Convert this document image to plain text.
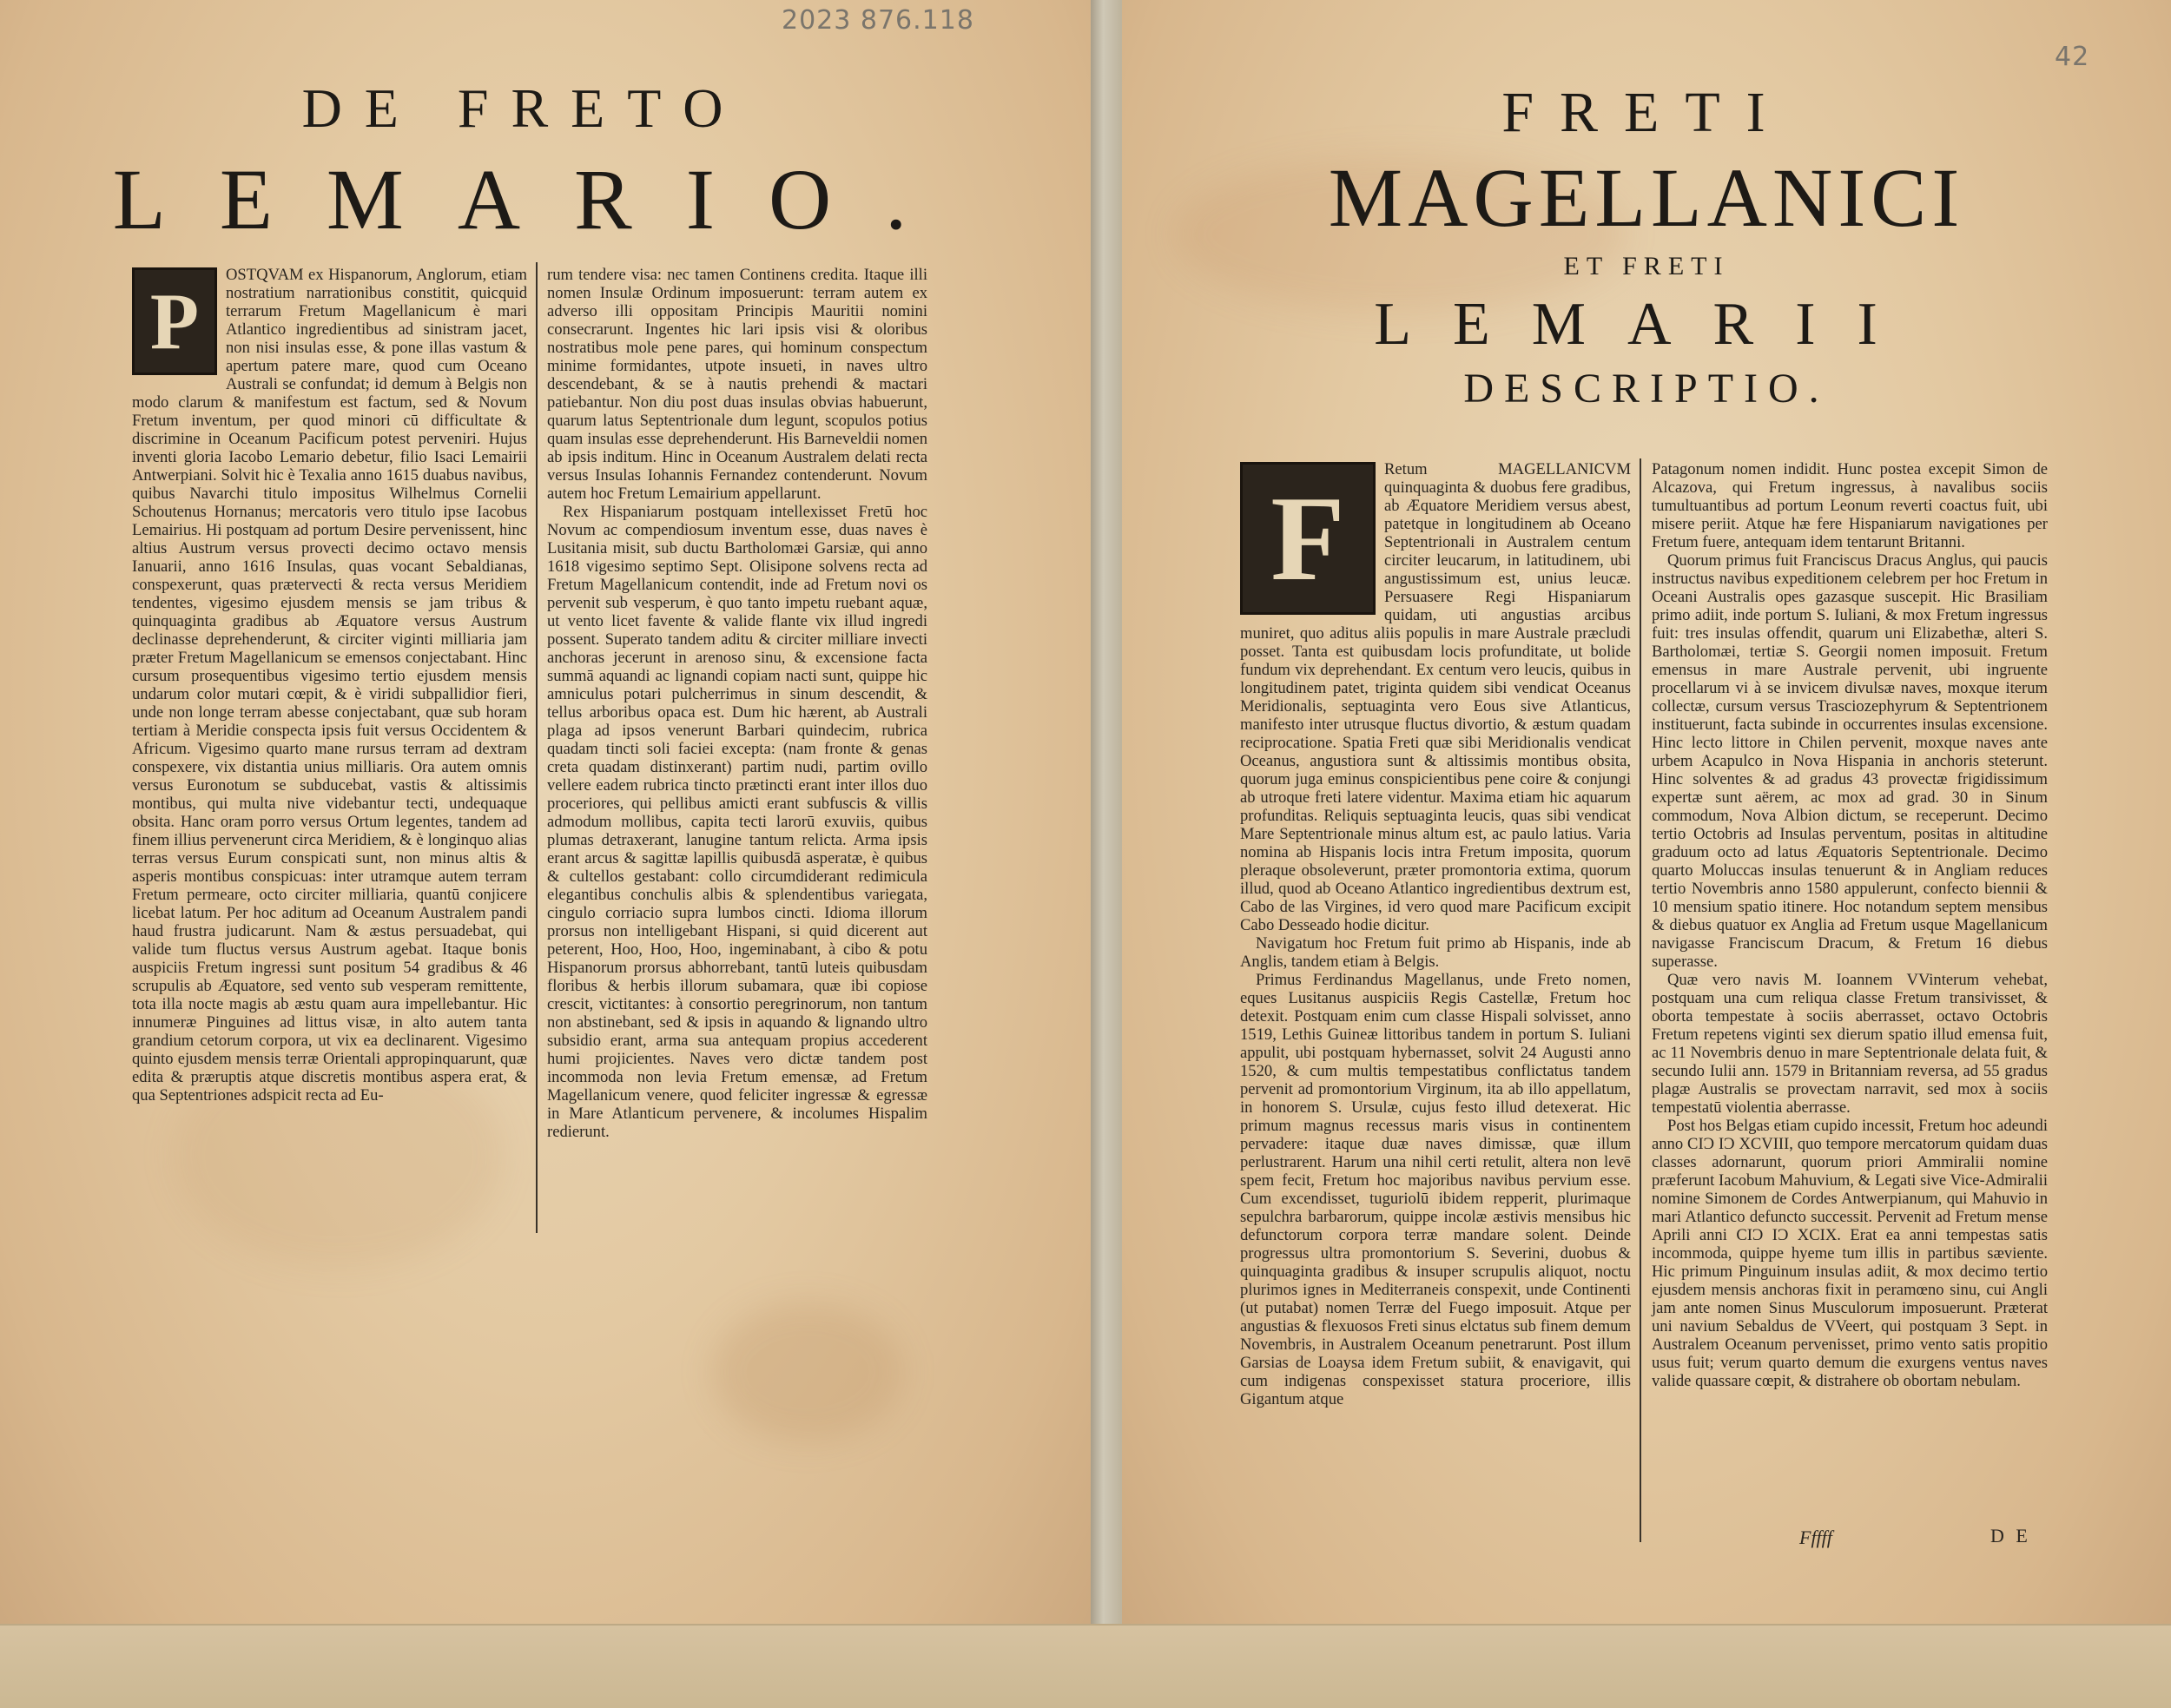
2023 876.118
DE FRETO
LEMARIO.
P

OSTQVAM ex Hispanorum, Anglorum, etiam nostratium narrationibus constitit, quicquid terrarum Fretum Magellanicum è mari Atlantico ingredientibus ad sinistram jacet, non nisi insulas esse, & pone illas vastum & apertum patere mare, quod cum Oceano Australi se confundat; id demum à Belgis non modo clarum & manifestum est factum, sed & Novum Fretum inventum, per quod minori cū difficultate & discrimine in Oceanum Pacificum potest perveniri. Hujus inventi gloria Iacobo Lemario debetur, filio Isaci Lemairii Antwerpiani. Solvit hic è Texalia anno 1615 duabus navibus, quibus Navarchi titulo impositus Wilhelmus Cornelii Schoutenus Hornanus; mercatoris vero titulo ipse Iacobus Lemairius. Hi postquam ad portum Desire pervenissent, hinc altius Austrum versus provecti decimo octavo mensis Ianuarii, anno 1616 Insulas, quas vocant Sebaldianas, conspexerunt, quas prætervecti & recta versus Meridiem tendentes, vigesimo ejusdem mensis se jam tribus & quinquaginta gradibus ab Æquatore versus Austrum declinasse deprehenderunt, & circiter viginti milliaria jam præter Fretum Magellanicum se emensos conjectabant. Hinc cursum prosequentibus vigesimo tertio ejusdem mensis undarum color mutari cœpit, & è viridi subpallidior fieri, unde non longe terram abesse conjectabant, quæ sub horam tertiam à Meridie conspecta ipsis fuit versus Occidentem & Africum. Vigesimo quarto mane rursus terram ad dextram conspexere, vix distantia unius milliaris. Ora autem omnis versus Euronotum se subducebat, vastis & altissimis montibus, qui multa nive videbantur tecti, undequaque obsita. Hanc oram porro versus Ortum legentes, tandem ad finem illius pervenerunt circa Meridiem, & è longinquo alias terras versus Eurum conspicati sunt, non minus altis & asperis montibus conspicuas: inter utramque autem terram Fretum permeare, octo circiter milliaria, quantū conjicere licebat latum. Per hoc aditum ad Oceanum Australem pandi haud frustra judicarunt. Nam & æstus persuadebat, qui valide tum fluctus versus Austrum agebat. Itaque bonis auspiciis Fretum ingressi sunt positum 54 gradibus & 46 scrupulis ab Æquatore, sed vento sub vesperam remittente, tota illa nocte magis ab æstu quam aura impellebantur. Hic innumeræ Pinguines ad littus visæ, in alto autem tanta grandium cetorum corpora, ut vix ea declinarent. Vigesimo quinto ejusdem mensis terræ Orientali appropinquarunt, quæ edita & præruptis atque discretis montibus aspera erat, & qua Septentriones adspicit recta ad Eu-

rum tendere visa: nec tamen Continens credita. Itaque illi nomen Insulæ Ordinum imposuerunt: terram autem ex adverso illi oppositam Principis Mauritii nomini consecrarunt. Ingentes hic lari ipsis visi & oloribus nostratibus mole pene pares, qui hominum conspectum minime formidantes, utpote insueti, in naves ultro descendebant, & se à nautis prehendi & mactari patiebantur. Non diu post duas insulas obvias habuerunt, quarum latus Septentrionale dum legunt, scopulos potius quam insulas esse deprehenderunt. His Barneveldii nomen ab ipsis inditum. Hinc in Oceanum Australem delati recta versus Insulas Iohannis Fernandez contenderunt. Novum autem hoc Fretum Lemairium appellarunt.

Rex Hispaniarum postquam intellexisset Fretū hoc Novum ac compendiosum inventum esse, duas naves è Lusitania misit, sub ductu Bartholomæi Garsiæ, qui anno 1618 vigesimo septimo Sept. Olisipone solvens recta ad Fretum Magellanicum contendit, inde ad Fretum novi os pervenit sub vesperum, è quo tanto impetu ruebant aquæ, ut vento licet favente & valide flante vix illud ingredi possent. Superato tandem aditu & circiter milliare invecti anchoras jecerunt in arenoso sinu, & excensione facta summā aquandi ac lignandi copiam nacti sunt, quippe hic amniculus potari pulcherrimus in sinum descendit, & tellus arboribus opaca est. Dum hic hærent, ab Australi plaga ad ipsos venerunt Barbari quindecim, rubrica quadam tincti soli faciei excepta: (nam fronte & genas creta quadam distinxerant) partim nudi, partim ovillo vellere eadem rubrica tincto prætincti erant inter illos duo proceriores, qui pellibus amicti erant subfuscis & villis admodum mollibus, capita tecti larorū exuviis, quibus plumas detraxerant, lanugine tantum relicta. Arma ipsis erant arcus & sagittæ lapillis quibusdā asperatæ, è quibus & cultellos gestabant: collo circumdiderant redimicula elegantibus conchulis albis & splendentibus variegata, cingulo corriacio supra lumbos cincti. Idioma illorum prorsus non intelligebant Hispani, si quid dicerent aut peterent, Hoo, Hoo, Hoo, ingeminabant, à cibo & potu Hispanorum prorsus abhorrebant, tantū luteis quibusdam floribus & herbis illorum subamara, quæ ibi copiose crescit, victitantes: à consortio peregrinorum, non tantum non abstinebant, sed & ipsis in aquando & lignando ultro subsidio erant, arma sua antequam propius accederent humi projicientes. Naves vero dictæ tandem post incommoda non levia Fretum emensæ, ad Fretum Magellanicum venere, quod feliciter ingressæ & egressæ in Mare Atlanticum pervenere, & incolumes Hispalim redierunt.

42
FRETI
MAGELLANICI
ET FRETI
LEMARII
DESCRIPTIO.
F

Retum MAGELLANICVM quinquaginta & duobus fere gradibus, ab Æquatore Meridiem versus abest, patetque in longitudinem ab Oceano Septentrionali in Australem centum circiter leucarum, in latitudinem, ubi angustissimum est, unius leucæ. Persuasere Regi Hispaniarum quidam, uti angustias arcibus muniret, quo aditus aliis populis in mare Australe præcludi posset. Tanta est quibusdam locis profunditate, ut bolide fundum vix deprehendant. Ex centum vero leucis, quibus in longitudinem patet, triginta quidem sibi vendicat Oceanus Meridionalis, septuaginta vero Eous sive Atlanticus, manifesto inter utrusque fluctus divortio, & æstum quadam reciprocatione. Spatia Freti quæ sibi Meridionalis vendicat Oceanus, angustiora sunt & altissimis montibus obsita, quorum juga eminus conspicientibus pene coire & conjungi ab utroque freti latere videntur. Maxima etiam hic aquarum profunditas. Reliquis septuaginta leucis, quas sibi vendicat Mare Septentrionale minus altum est, ac paulo latius. Varia nomina ab Hispanis locis intra Fretum imposita, quorum pleraque obsoleverunt, præter promontoria extima, quorum illud, quod ab Oceano Atlantico ingredientibus dextrum est, Cabo de las Virgines, id vero quod mare Pacificum excipit Cabo Desseado hodie dicitur.

Navigatum hoc Fretum fuit primo ab Hispanis, inde ab Anglis, tandem etiam à Belgis.

Primus Ferdinandus Magellanus, unde Freto nomen, eques Lusitanus auspiciis Regis Castellæ, Fretum hoc detexit. Postquam enim cum classe Hispali solvisset, anno 1519, Lethis Guineæ littoribus tandem in portum S. Iuliani appulit, ubi postquam hybernasset, solvit 24 Augusti anno 1520, & cum multis tempestatibus conflictatus tandem pervenit ad promontorium Virginum, ita ab illo appellatum, in honorem S. Ursulæ, cujus festo illud detexerat. Hic primum magnus recessus maris visus in continentem pervadere: itaque duæ naves dimissæ, quæ illum perlustrarent. Harum una nihil certi retulit, altera non levē spem fecit, Fretum hoc majoribus navibus pervium esse. Cum excendisset, tuguriolū ibidem repperit, plurimaque sepulchra barbarorum, quippe incolæ æstivis mensibus hic defunctorum corpora terræ mandare solent. Deinde progressus ultra promontorium S. Severini, duobus & quinquaginta gradibus & insuper scrupulis aliquot, noctu plurimos ignes in Mediterraneis conspexit, unde Continenti (ut putabat) nomen Terræ del Fuego imposuit. Atque per angustias & flexuosos Freti sinus elctatus sub finem demum Novembris, in Australem Oceanum penetrarunt. Post illum Garsias de Loaysa idem Fretum subiit, & enavigavit, qui cum indigenas conspexisset statura proceriore, illis Gigantum atque

Patagonum nomen indidit. Hunc postea excepit Simon de Alcazova, qui Fretum ingressus, à navalibus sociis tumultuantibus ad portum Leonum reverti coactus fuit, ubi misere periit. Atque hæ fere Hispaniarum navigationes per Fretum fuere, antequam idem tentarunt Britanni.

Quorum primus fuit Franciscus Dracus Anglus, qui paucis instructus navibus expeditionem celebrem per hoc Fretum in Oceani Australis opes gazasque suscepit. Hic Brasiliam primo adiit, inde portum S. Iuliani, & mox Fretum ingressus fuit: tres insulas offendit, quarum uni Elizabethæ, alteri S. Bartholomæi, tertiæ S. Georgii nomen imposuit. Fretum emensus in mare Australe pervenit, ubi ingruente procellarum vi à se invicem divulsæ naves, moxque iterum collectæ, cursum versus Trasciozephyrum & Septentrionem instituerunt, facta subinde in occurrentes insulas excensione. Hinc lecto littore in Chilen pervenit, moxque naves ante urbem Acapulco in Nova Hispania in anchoris steterunt. Hinc solventes & ad gradus 43 provectæ frigidissimum expertæ sunt aërem, ac mox ad grad. 30 in Sinum commodum, Nova Albion dictum, se receperunt. Decimo tertio Octobris ad Insulas perventum, positas in altitudine graduum octo ad latus Æquatoris Septentrionale. Decimo quarto Moluccas insulas tenuerunt & in Angliam reduces tertio Novembris anno 1580 appulerunt, confecto biennii & 10 mensium spatio itinere. Hoc notandum septem mensibus & diebus quatuor ex Anglia ad Fretum usque Magellanicum navigasse Franciscum Dracum, & Fretum 16 diebus superasse.

Quæ vero navis M. Ioannem VVinterum vehebat, postquam una cum reliqua classe Fretum transivisset, & oborta tempestate à sociis aberrasset, octavo Octobris Fretum repetens viginti sex dierum spatio illud emensa fuit, ac 11 Novembris denuo in mare Septentrionale delata fuit, & secundo Iulii ann. 1579 in Britanniam reversa, ad 55 gradus plagæ Australis se provectam narravit, sed mox à sociis tempestatū violentia aberrasse.

Post hos Belgas etiam cupido incessit, Fretum hoc adeundi anno CIƆ IƆ XCVIII, quo tempore mercatorum quidam duas classes adornarunt, quorum priori Ammiralii nomine præferunt Iacobum Mahuvium, & Legati sive Vice-Admiralii nomine Simonem de Cordes Antwerpianum, qui Mahuvio in mari Atlantico defuncto successit. Pervenit ad Fretum mense Aprili anni CIƆ IƆ XCIX. Erat ea anni tempestas satis incommoda, quippe hyeme tum illis in partibus sæviente. Hic primum Pinguinum insulas adiit, & mox decimo tertio ejusdem mensis anchoras fixit in peramœno sinu, cui Angli jam ante nomen Sinus Musculorum imposuerunt. Præterat uni navium Sebaldus de VVeert, qui postquam 3 Sept. in Australem Oceanum pervenisset, primo vento satis propitio usus fuit; verum quarto demum die exurgens ventus naves valide quassare cœpit, & distrahere ob obortam nebulam.

Fffff	D E
